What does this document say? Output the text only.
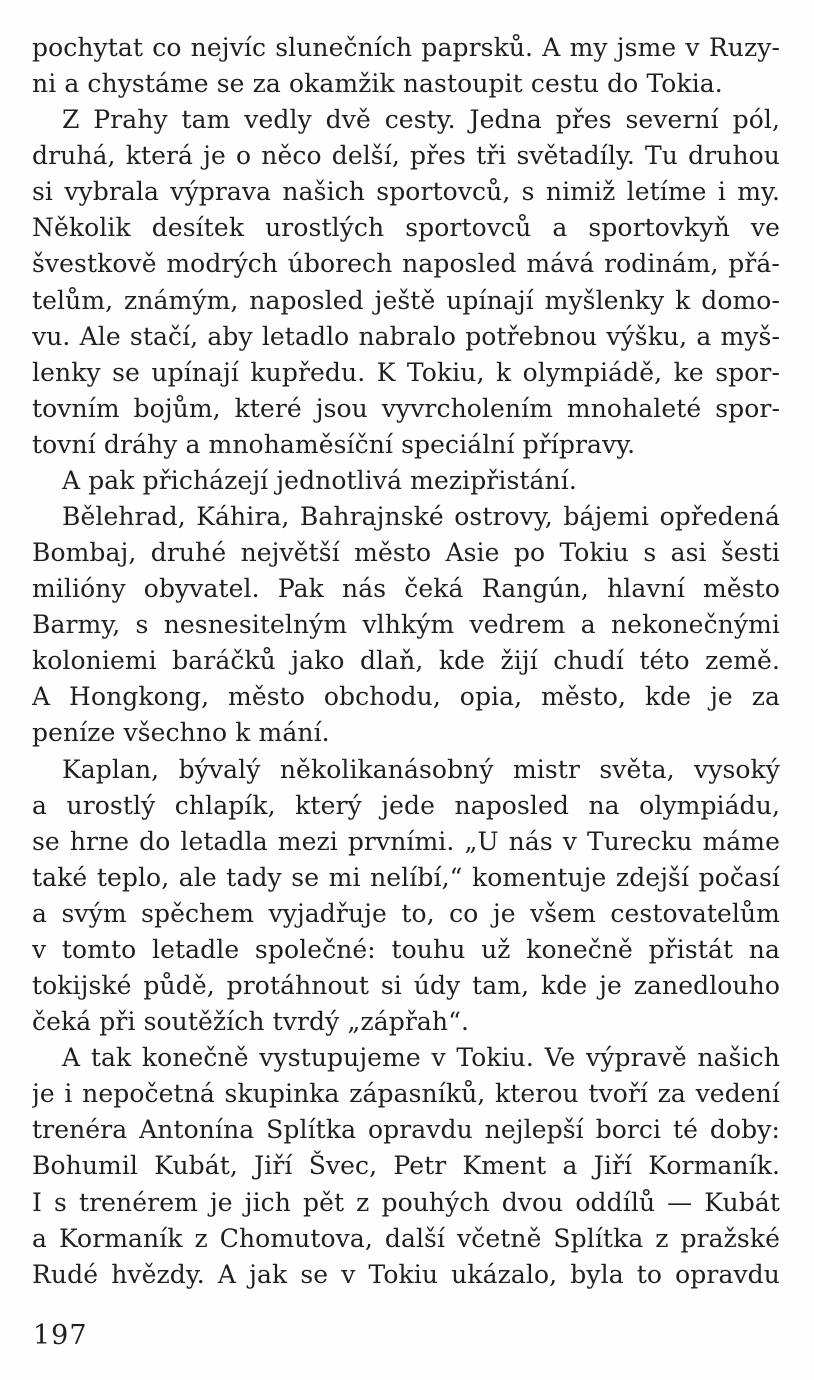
pochytat co nejvíc slunečních paprsků. A my jsme v Ruzy-
ni a chystáme se za okamžik nastoupit cestu do Tokia.
Z Prahy tam vedly dvě cesty. Jedna přes severní pól,
druhá, která je o něco delší, přes tři světadíly. Tu druhou
si vybrala výprava našich sportovců, s nimiž letíme i my.
Několik desítek urostlých sportovců a sportovkyň ve
švestkově modrých úborech naposled mává rodinám, přá-
telům, známým, naposled ještě upínají myšlenky k domo-
vu. Ale stačí, aby letadlo nabralo potřebnou výšku, a myš-
lenky se upínají kupředu. K Tokiu, k olympiádě, ke spor-
tovním bojům, které jsou vyvrcholením mnohaleté spor-
tovní dráhy a mnohaměsíční speciální přípravy.
A pak přicházejí jednotlivá mezipřistání.
Bělehrad, Káhira, Bahrajnské ostrovy, bájemi opředená
Bombaj, druhé největší město Asie po Tokiu s asi šesti
milióny obyvatel. Pak nás čeká Rangún, hlavní město
Barmy, s nesnesitelným vlhkým vedrem a nekonečnými
koloniemi baráčků jako dlaň, kde žijí chudí této země.
A Hongkong, město obchodu, opia, město, kde je za
peníze všechno k mání.
Kaplan, bývalý několikanásobný mistr světa, vysoký
a urostlý chlapík, který jede naposled na olympiádu,
se hrne do letadla mezi prvními. „U nás v Turecku máme
také teplo, ale tady se mi nelíbí,“ komentuje zdejší počasí
a svým spěchem vyjadřuje to, co je všem cestovatelům
v tomto letadle společné: touhu už konečně přistát na
tokijské půdě, protáhnout si údy tam, kde je zanedlouho
čeká při soutěžích tvrdý „zápřah“.
A tak konečně vystupujeme v Tokiu. Ve výpravě našich
je i nepočetná skupinka zápasníků, kterou tvoří za vedení
trenéra Antonína Splítka opravdu nejlepší borci té doby:
Bohumil Kubát, Jiří Švec, Petr Kment a Jiří Kormaník.
I s trenérem je jich pět z pouhých dvou oddílů — Kubát
a Kormaník z Chomutova, další včetně Splítka z pražské
Rudé hvězdy. A jak se v Tokiu ukázalo, byla to opravdu
197
